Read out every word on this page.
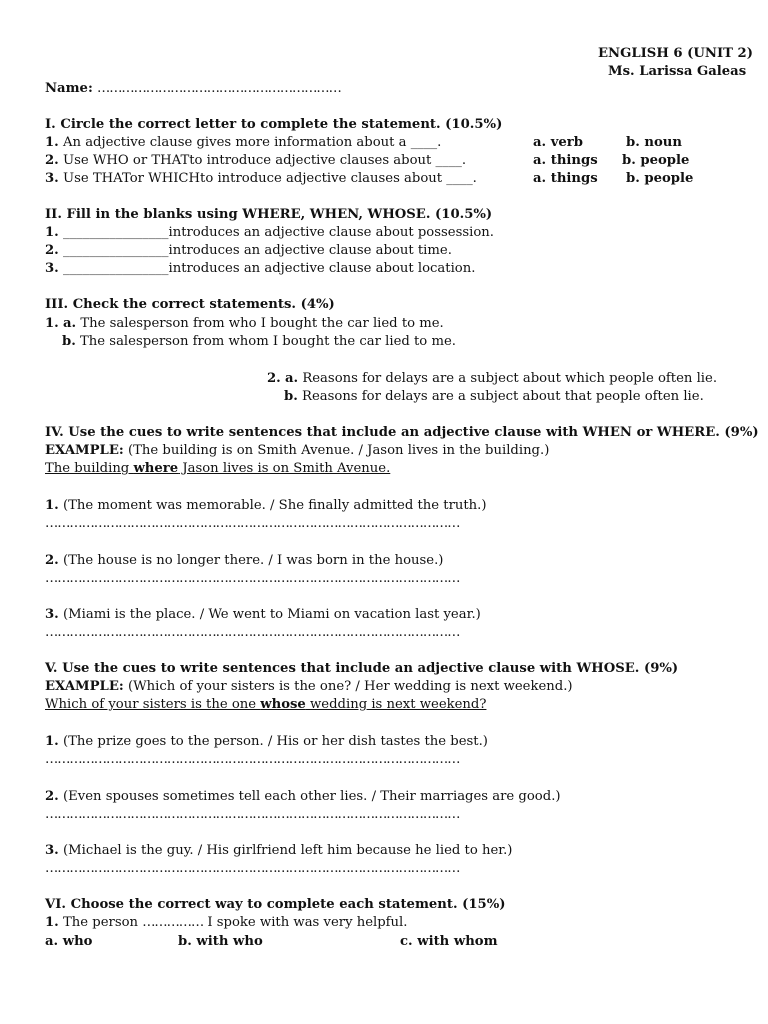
ENGLISH 6 (UNIT 2)
Ms. Larissa Galeas
Name: ……………………………………………………
I. Circle the correct letter to complete the statement. (10.5%)
1. An adjective clause gives more information about a ____.	a. verb	b. noun
2. Use WHO or THATto introduce adjective clauses about ____.	a. things b. people
3. Use THATor WHICHto introduce adjective clauses about ____.	a. things b. people
II. Fill in the blanks using WHERE, WHEN, WHOSE. (10.5%)
1. ________________introduces an adjective clause about possession.
2. ________________introduces an adjective clause about time.
3. ________________introduces an adjective clause about location.
III. Check the correct statements. (4%)
1. a. The salesperson from who I bought the car lied to me.
b. The salesperson from whom I bought the car lied to me.
2. a. Reasons for delays are a subject about which people often lie.
b. Reasons for delays are a subject about that people often lie.
IV. Use the cues to write sentences that include an adjective clause with WHEN or WHERE. (9%)
EXAMPLE: (The building is on Smith Avenue. / Jason lives in the building.)
The building where Jason lives is on Smith Avenue.
1. (The moment was memorable. / She finally admitted the truth.)
…………………………………………………………………………………………
2. (The house is no longer there. / I was born in the house.)
…………………………………………………………………………………………
3. (Miami is the place. / We went to Miami on vacation last year.)
…………………………………………………………………………………………
V. Use the cues to write sentences that include an adjective clause with WHOSE. (9%)
EXAMPLE: (Which of your sisters is the one? / Her wedding is next weekend.)
Which of your sisters is the one whose wedding is next weekend?
1. (The prize goes to the person. / His or her dish tastes the best.)
…………………………………………………………………………………………
2. (Even spouses sometimes tell each other lies. / Their marriages are good.)
…………………………………………………………………………………………
3. (Michael is the guy. / His girlfriend left him because he lied to her.)
…………………………………………………………………………………………
VI. Choose the correct way to complete each statement. (15%)
1. The person …………… I spoke with was very helpful.
a. who	b. with who	c. with whom
